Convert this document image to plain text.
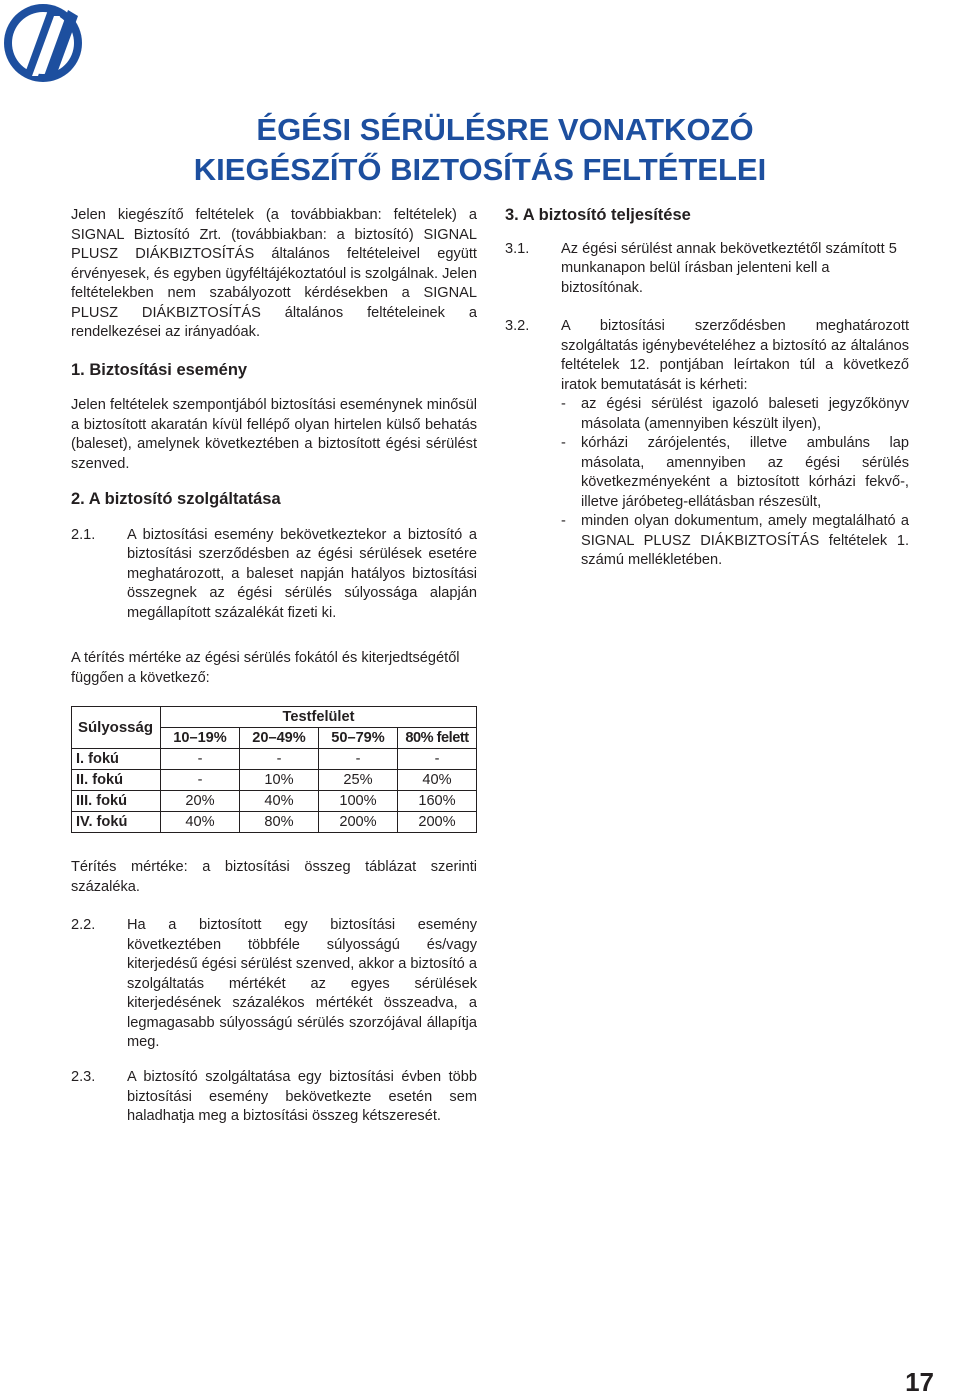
ÉGÉSI SÉRÜLÉSRE VONATKOZÓ
KIEGÉSZÍTŐ BIZTOSÍTÁS FELTÉTELEI

Jelen kiegészítő feltételek (a továbbiakban: feltételek) a SIGNAL Biztosító Zrt. (továbbiakban: a biztosító) SIGNAL PLUSZ DIÁKBIZTOSÍTÁS általános feltételeivel együtt érvényesek, és egyben ügyféltájékoztatóul is szolgálnak. Jelen feltételekben nem szabályozott kérdésekben a SIGNAL PLUSZ DIÁKBIZTOSÍTÁS általános feltételeinek a rendelkezései az irányadóak.

1. Biztosítási esemény

Jelen feltételek szempontjából biztosítási eseménynek minősül a biztosított akaratán kívül fellépő olyan hirtelen külső behatás (baleset), amelynek következtében a biztosított égési sérülést szenved.

2. A biztosító szolgáltatása

2.1.	A biztosítási esemény bekövetkeztekor a biztosító a biztosítási szerződésben az égési sérülések esetére meghatározott, a baleset napján hatályos biztosítási összegnek az égési sérülés súlyossága alapján megállapított százalékát fizeti ki.
A térítés mértéke az égési sérülés fokától és kiterjedtségétől függően a következő:
Súlyosság	Testfelület			
	10–19%	20–49%	50–79%	80% felett
I. fokú	-	-	-	-
II. fokú	-	10%	25%	40%
III. fokú	20%	40%	100%	160%
IV. fokú	40%	80%	200%	200%
Térítés mértéke: a biztosítási összeg táblázat szerinti százaléka.
2.2.	Ha a biztosított egy biztosítási esemény következtében többféle súlyosságú és/vagy kiterjedésű égési sérülést szenved, akkor a biztosító a szolgáltatás mértékét az egyes sérülések kiterjedésének százalékos mértékét összeadva, a legmagasabb súlyosságú sérülés szorzójával állapítja meg.
2.3.	A biztosító szolgáltatása egy biztosítási évben több biztosítási esemény bekövetkezte esetén sem haladhatja meg a biztosítási összeg kétszeresét.

3. A biztosító teljesítése

3.1.	Az égési sérülést annak bekövetkeztétől számított 5 munkanapon belül írásban jelenteni kell a biztosítónak.
3.2.	A biztosítási szerződésben meghatározott szolgáltatás igénybevételéhez a biztosító az általános feltételek 12. pontjában leírtakon túl a következő iratok bemutatását is kérheti:
-	az égési sérülést igazoló baleseti jegyzőkönyv másolata (amennyiben készült ilyen),
-	kórházi zárójelentés, illetve ambuláns lap másolata, amennyiben az égési sérülés következményeként a biztosított kórházi fekvő-, illetve járóbeteg-ellátásban részesült,
-	minden olyan dokumentum, amely megtalálható a SIGNAL PLUSZ DIÁKBIZTOSÍTÁS feltételek 1. számú mellékletében.
17
